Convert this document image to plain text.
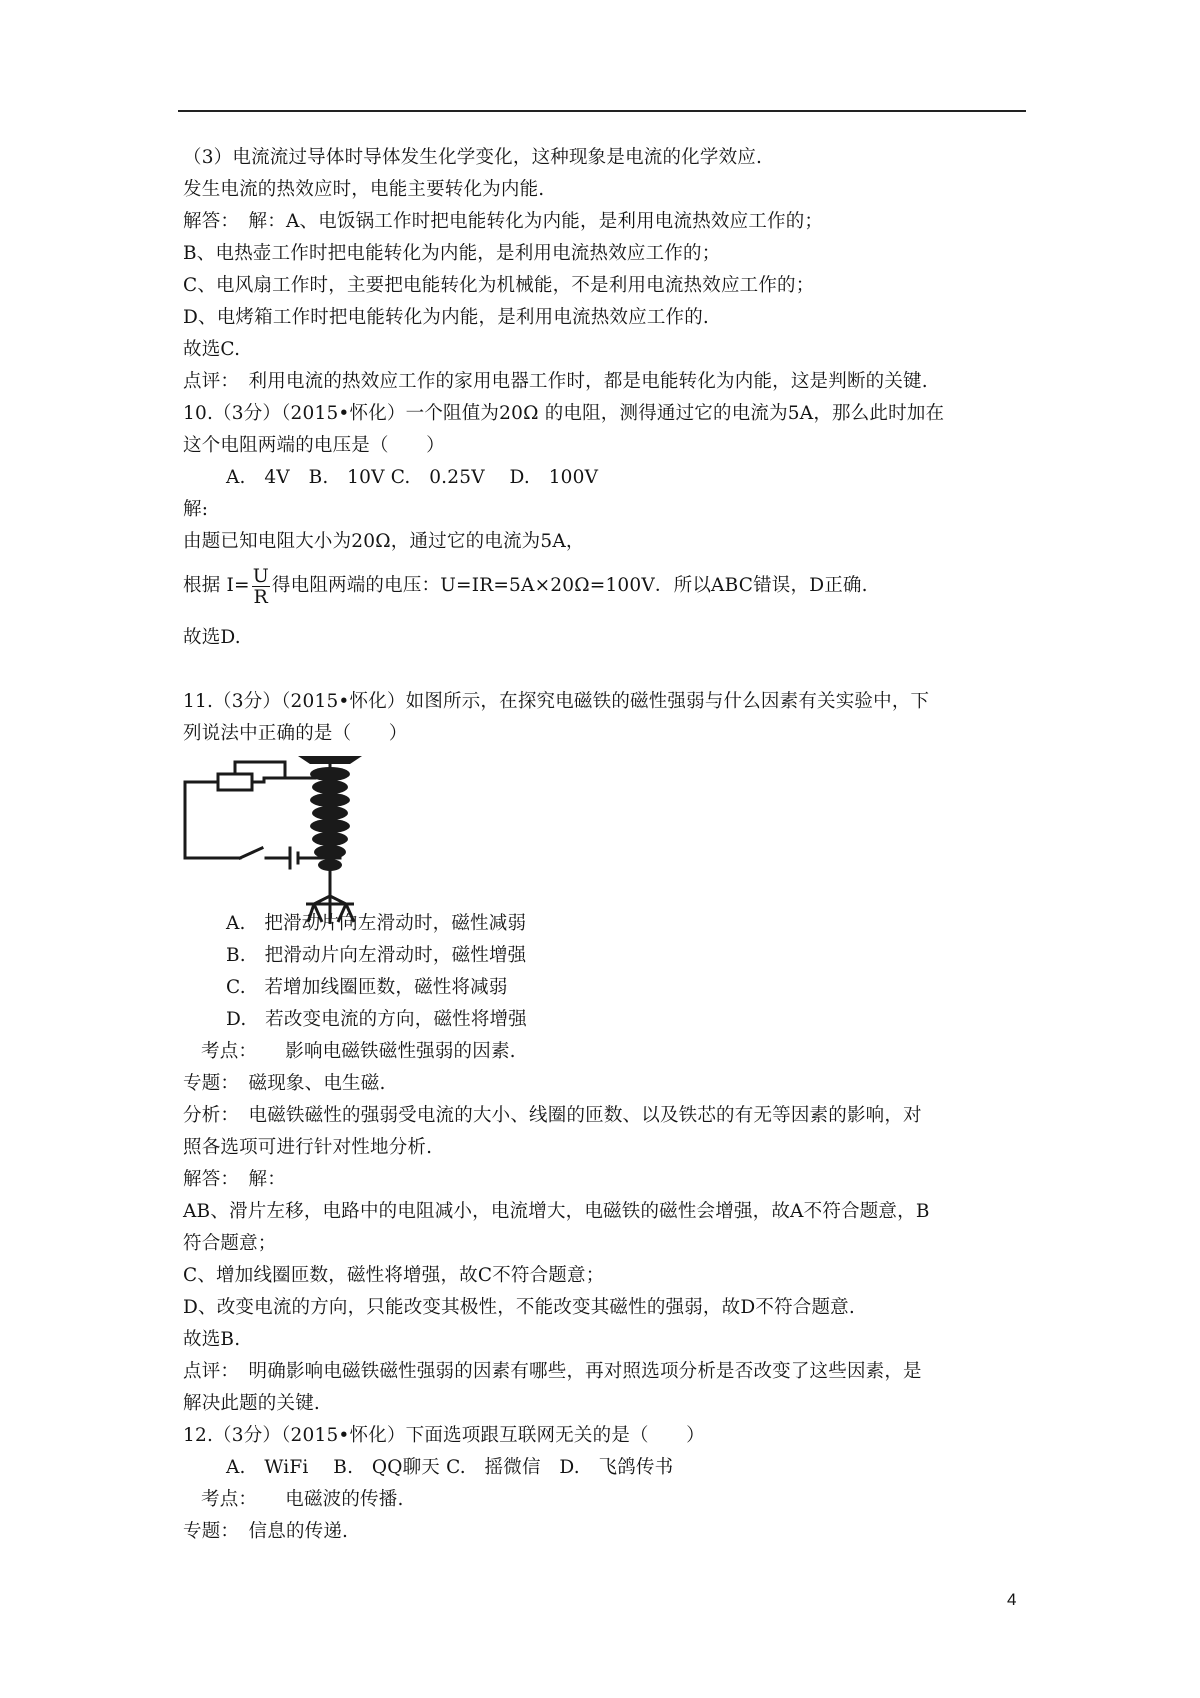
（3）电流流过导体时导体发生化学变化，这种现象是电流的化学效应.
发生电流的热效应时，电能主要转化为内能.
解答：　解：A、电饭锅工作时把电能转化为内能，是利用电流热效应工作的；
B、电热壶工作时把电能转化为内能，是利用电流热效应工作的；
C、电风扇工作时，主要把电能转化为机械能，不是利用电流热效应工作的；
D、电烤箱工作时把电能转化为内能，是利用电流热效应工作的.
故选C.
点评：　利用电流的热效应工作的家用电器工作时，都是电能转化为内能，这是判断的关键.
10.（3分）（2015•怀化）一个阻值为20Ω 的电阻，测得通过它的电流为5A，那么此时加在
这个电阻两端的电压是（　　）
A.　4V　B.　10V C.　0.25V　 D.　100V
解:
由题已知电阻大小为20Ω，通过它的电流为5A，
根据 $I= \frac{U}{R}$ 得电阻两端的电压：U=IR=5A×20Ω=100V．所以ABC错误，D正确.
故选D.
11.（3分）（2015•怀化）如图所示，在探究电磁铁的磁性强弱与什么因素有关实验中，下
列说法中正确的是（　　）
A.　把滑动片向左滑动时，磁性减弱
B.　把滑动片向左滑动时，磁性增强
C.　若增加线圈匝数，磁性将减弱
D.　若改变电流的方向，磁性将增强
考点：　　影响电磁铁磁性强弱的因素.
专题：　磁现象、电生磁.
分析：　电磁铁磁性的强弱受电流的大小、线圈的匝数、以及铁芯的有无等因素的影响，对
照各选项可进行针对性地分析.
解答：　解：
AB、滑片左移，电路中的电阻减小，电流增大，电磁铁的磁性会增强，故A不符合题意，B
符合题意；
C、增加线圈匝数，磁性将增强，故C不符合题意；
D、改变电流的方向，只能改变其极性，不能改变其磁性的强弱，故D不符合题意.
故选B.
点评：　明确影响电磁铁磁性强弱的因素有哪些，再对照选项分析是否改变了这些因素，是
解决此题的关键.
12.（3分）（2015•怀化）下面选项跟互联网无关的是（　　）
A.　WiFi　 B.　QQ聊天 C.　摇微信　D.　飞鸽传书
考点：　　电磁波的传播.
专题：　信息的传递.
4
